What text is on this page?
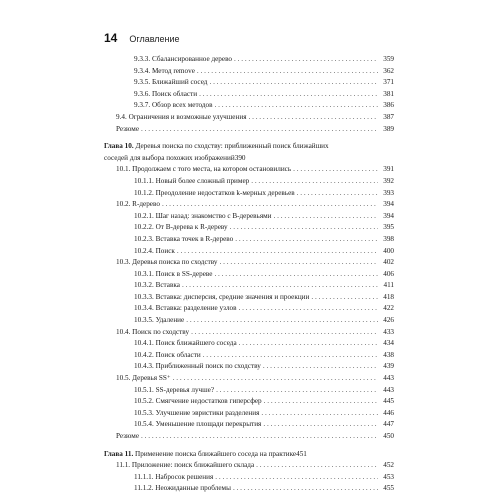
14 Оглавление
9.3.3. Сбалансированное дерево . . .	359
9.3.4. Метод remove . . .	362
9.3.5. Ближайший сосед . . .	371
9.3.6. Поиск области . . .	381
9.3.7. Обзор всех методов . . .	386
9.4. Ограничения и возможные улучшения . . .	387
Резюме . . .	389
Глава 10. Деревья поиска по сходству: приближенный поиск ближайших
соседей для выбора похожих изображений 390
10.1. Продолжаем с того места, на котором остановились . . .	391
10.1.1. Новый более сложный пример . . .	392
10.1.2. Преодоление недостатков k-мерных деревьев . . .	393
10.2. R-дерево . . .	394
10.2.1. Шаг назад: знакомство с B-деревьями . . .	394
10.2.2. От B-дерева к R-дереву . . .	395
10.2.3. Вставка точек в R-дерево . . .	398
10.2.4. Поиск . . .	400
10.3. Деревья поиска по сходству . . .	402
10.3.1. Поиск в SS-дереве . . .	406
10.3.2. Вставка . . .	411
10.3.3. Вставка: дисперсия, средние значения и проекции . . .	418
10.3.4. Вставка: разделение узлов . . .	422
10.3.5. Удаление . . .	426
10.4. Поиск по сходству . . .	433
10.4.1. Поиск ближайшего соседа . . .	434
10.4.2. Поиск области . . .	438
10.4.3. Приближенный поиск по сходству . . .	439
10.5. Деревья SS⁺ . . .	443
10.5.1. SS-деревья лучше? . . .	443
10.5.2. Смягчение недостатков гиперсфер . . .	445
10.5.3. Улучшение эвристики разделения . . .	446
10.5.4. Уменьшение площади перекрытия . . .	447
Резюме . . .	450
Глава 11. Применение поиска ближайшего соседа на практике 451
11.1. Приложение: поиск ближайшего склада . . .	452
11.1.1. Набросок решения . . .	453
11.1.2. Неожиданные проблемы . . .	455
